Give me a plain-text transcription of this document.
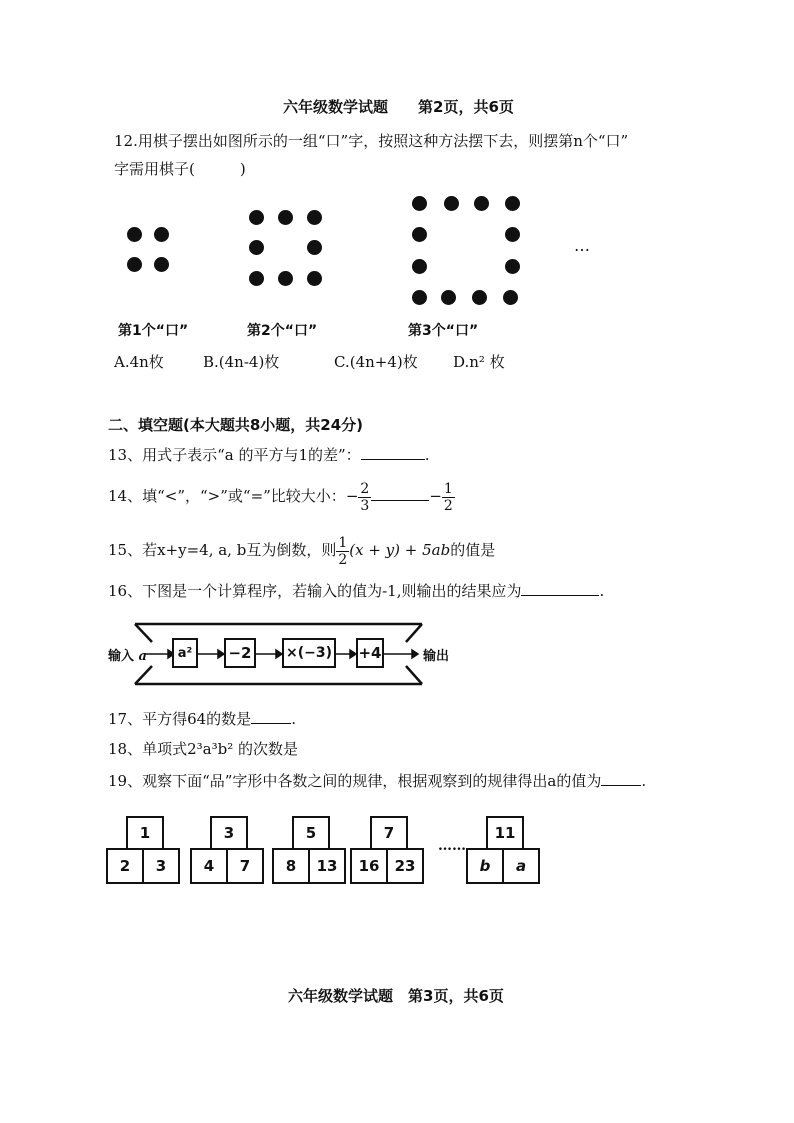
六年级数学试题　　第2页，共6页
12.用棋子摆出如图所示的一组“口”字，按照这种方法摆下去，则摆第n个“口”
字需用棋子(　　　)
…
第1个“口”	第2个“口”	第3个“口”
A.4n枚	B.(4n-4)枚	C.(4n+4)枚 D.n² 枚
二、填空题(本大题共8小题，共24分)
13、用式子表示“a 的平方与1的差”：	.
14、填“<”，“>”或“=”比较大小：− $\frac{2}{3}$	− $\frac{1}{2}$
15、若x+y=4, a, b互为倒数，则 $\frac{1}{2} (x + y) + 5ab$的值是
16、下图是一个计算程序，若输入的值为-1,则输出的结果应为	.
输入 a	a²	−2	×(−3) +4	输出
17、平方得64的数是	.
18、单项式2³a³b² 的次数是
19、观察下面“品”字形中各数之间的规律，根据观察到的规律得出a的值为	.
1
2	3
3
4	7
5
8	13
7
16	23
……
11
b	a
六年级数学试题　第3页，共6页
